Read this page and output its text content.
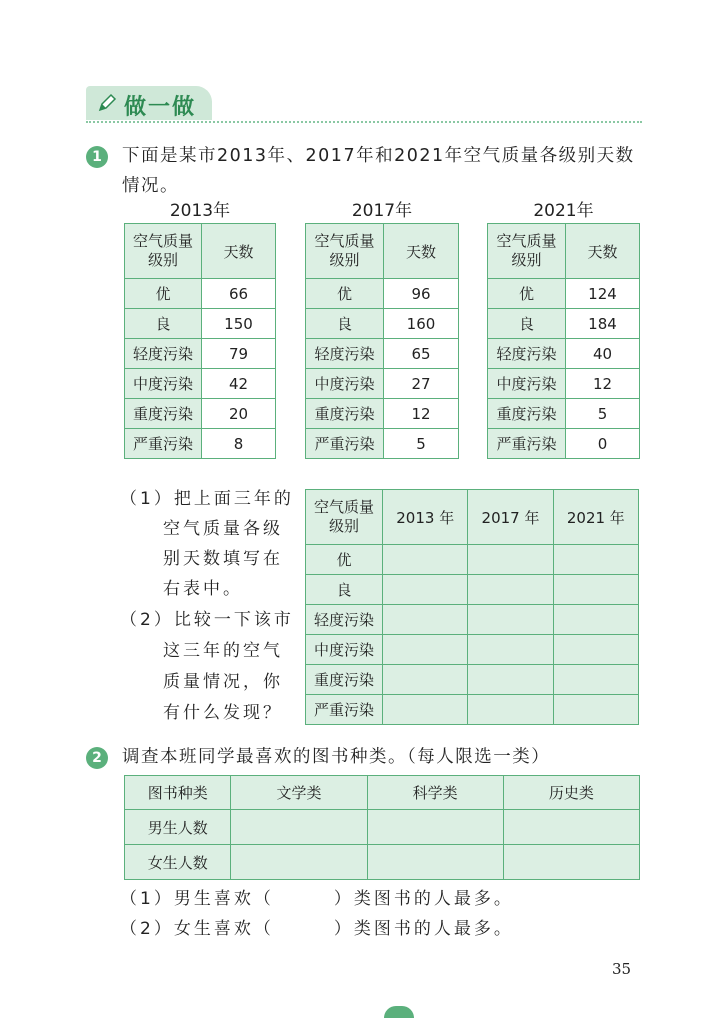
做一做
1	下面是某市2013年、2017年和2021年空气质量各级别天数
情况。
2013年	2017年	2021年
空气质量
级别	天数
优	66
良	150
轻度污染	79
中度污染	42
重度污染	20
严重污染	8
空气质量
级别	天数
优	96
良	160
轻度污染	65
中度污染	27
重度污染	12
严重污染	5
空气质量
级别	天数
优	124
良	184
轻度污染	40
中度污染	12
重度污染	5
严重污染	0
（1）把上面三年的
空气质量各级
别天数填写在
右表中。
（2）比较一下该市
这三年的空气
质量情况，你
有什么发现？
空气质量
级别	2013 年	2017 年	2021 年
优			
良			
轻度污染			
中度污染			
重度污染			
严重污染			
2	调查本班同学最喜欢的图书种类。（每人限选一类）
图书种类	文学类	科学类	历史类
男生人数			
女生人数			
（1）男生喜欢（　　　）类图书的人最多。
（2）女生喜欢（　　　）类图书的人最多。
35
